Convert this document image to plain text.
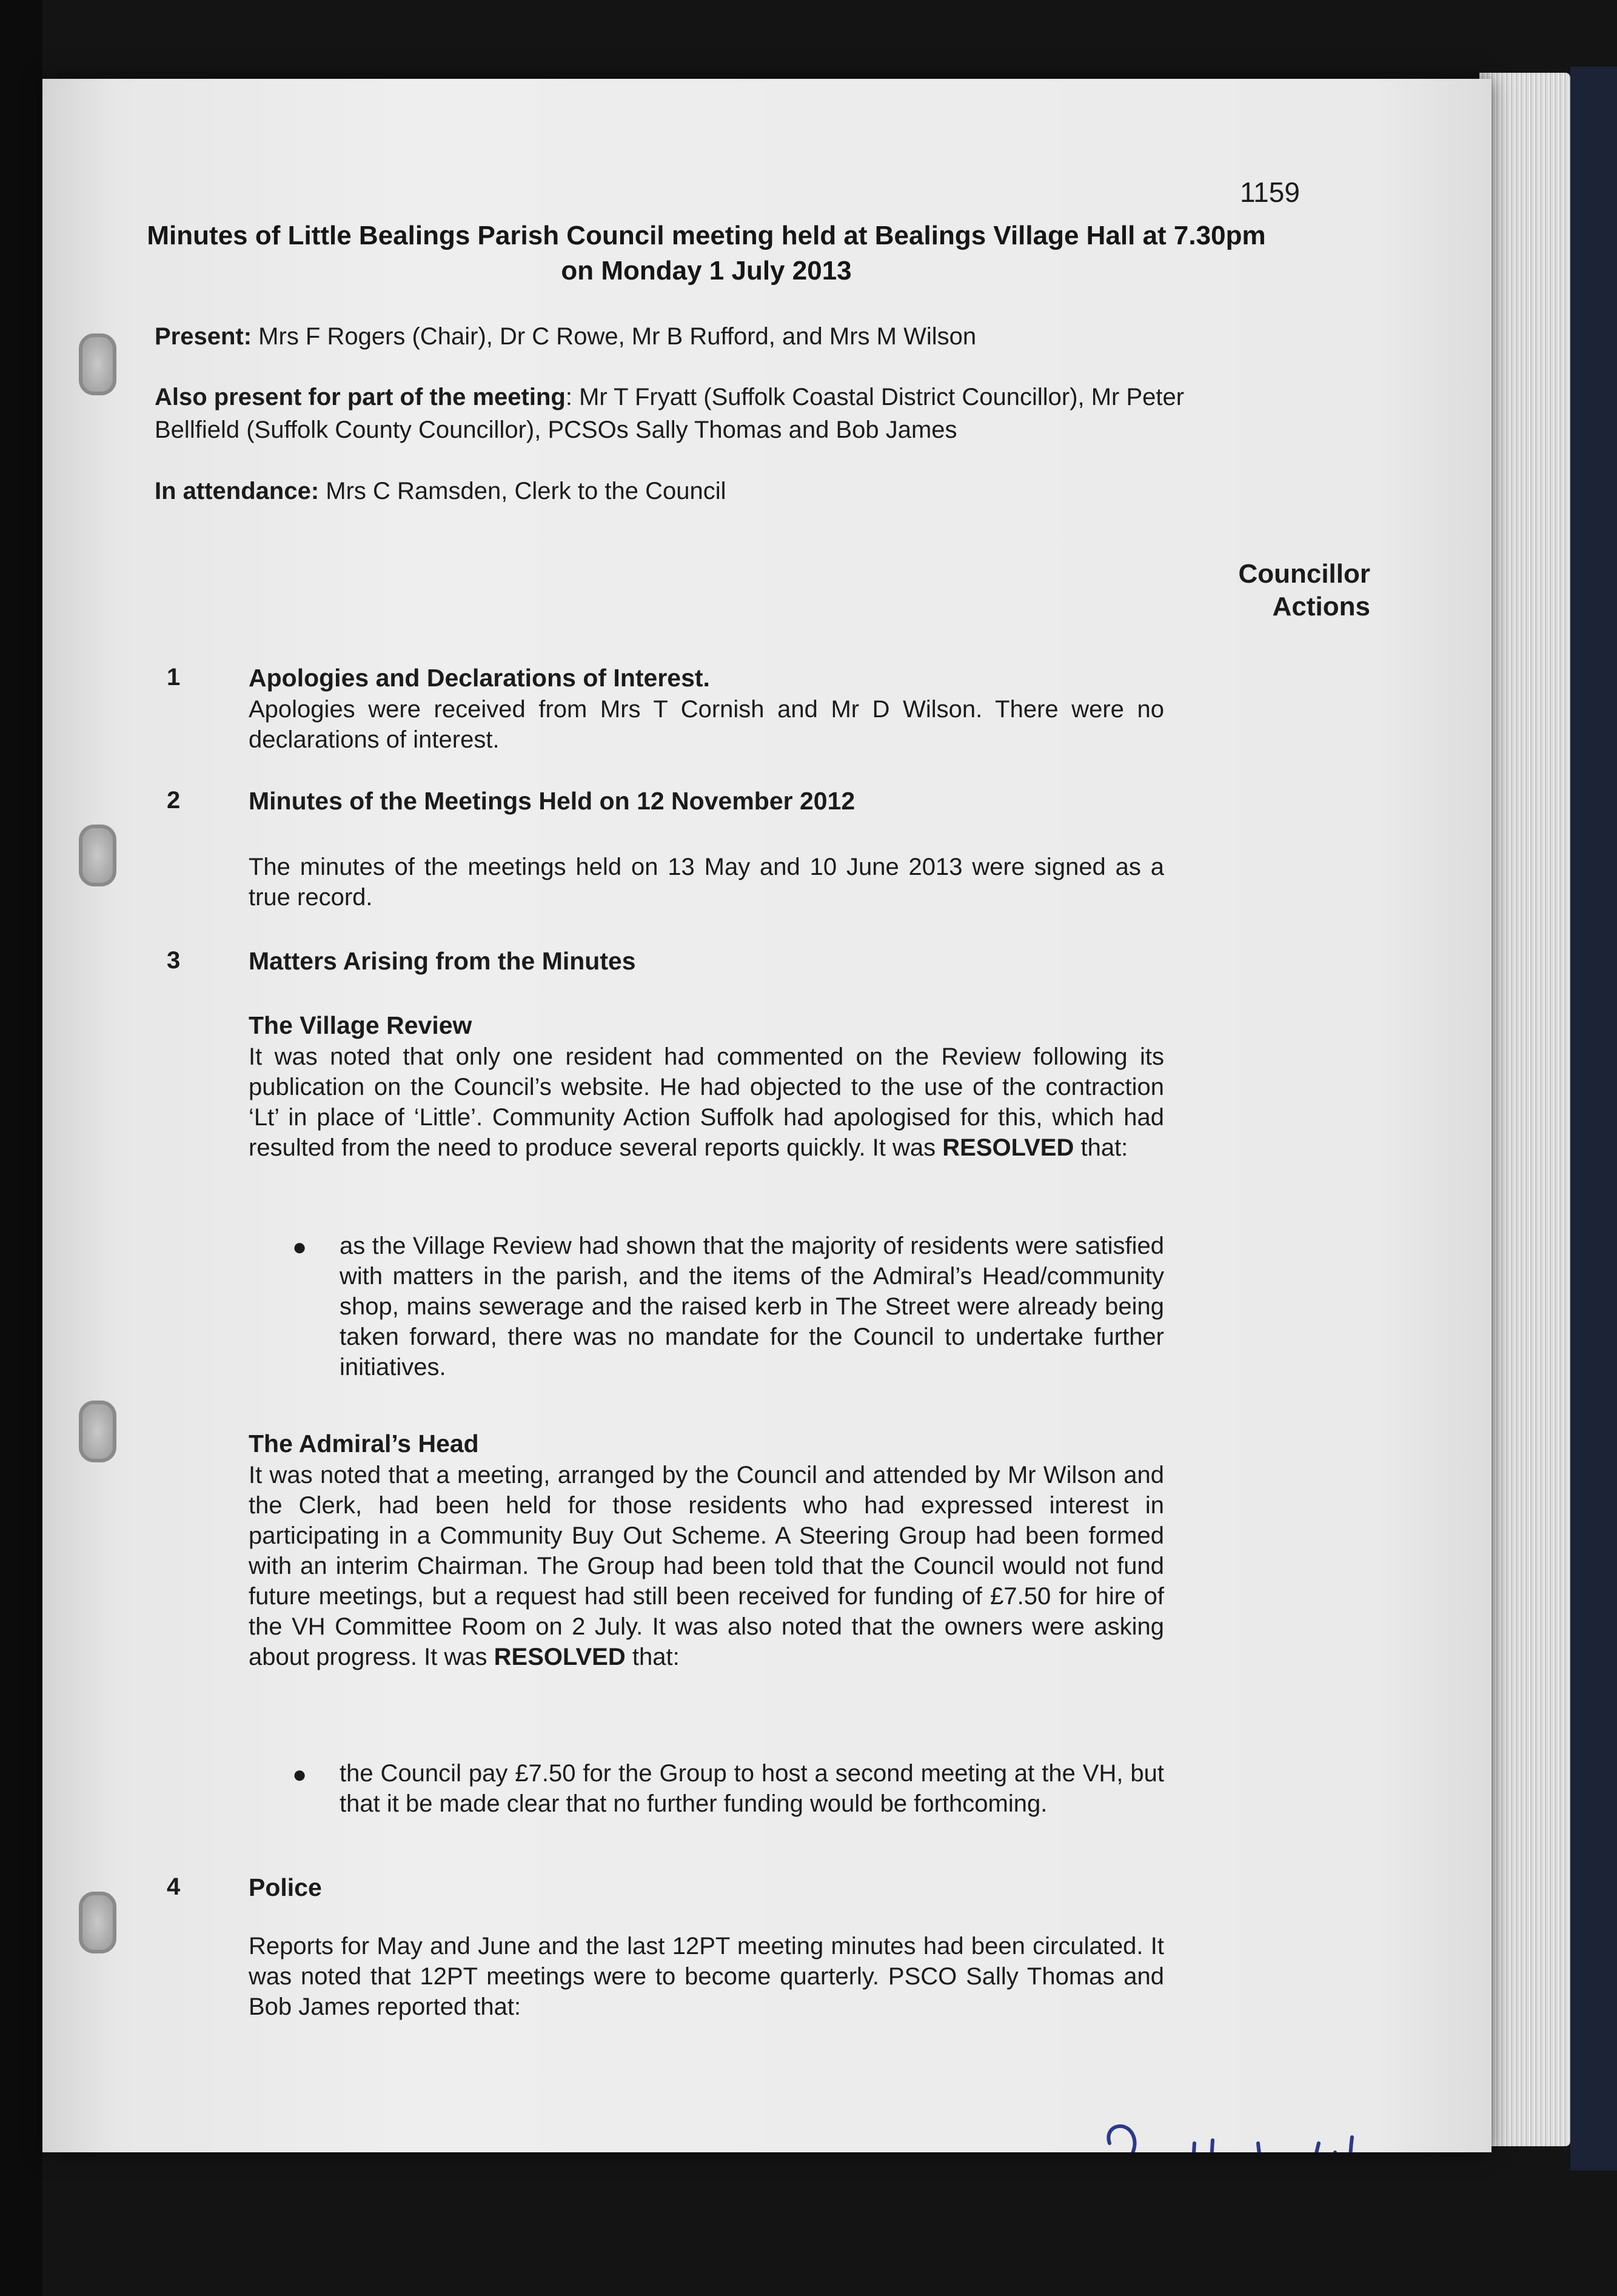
1159
Minutes of Little Bealings Parish Council meeting held at Bealings Village Hall at 7.30pm
on Monday 1 July 2013
Present: Mrs F Rogers (Chair), Dr C Rowe, Mr B Rufford, and Mrs M Wilson
Also present for part of the meeting: Mr T Fryatt (Suffolk Coastal District Councillor), Mr Peter
Bellfield (Suffolk County Councillor), PCSOs Sally Thomas and Bob James
In attendance: Mrs C Ramsden, Clerk to the Council
Councillor
Actions
1	Apologies and Declarations of Interest.
Apologies were received from Mrs T Cornish and Mr D Wilson. There were no declarations of interest.
2	Minutes of the Meetings Held on 12 November 2012
The minutes of the meetings held on 13 May and 10 June 2013 were signed as a true record.
3	Matters Arising from the Minutes
The Village Review
It was noted that only one resident had commented on the Review following its publication on the Council’s website. He had objected to the use of the contraction ‘Lt’ in place of ‘Little’. Community Action Suffolk had apologised for this, which had resulted from the need to produce several reports quickly. It was RESOLVED that:
● as the Village Review had shown that the majority of residents were satisfied with matters in the parish, and the items of the Admiral’s Head/community shop, mains sewerage and the raised kerb in The Street were already being taken forward, there was no mandate for the Council to undertake further initiatives.
The Admiral’s Head
It was noted that a meeting, arranged by the Council and attended by Mr Wilson and the Clerk, had been held for those residents who had expressed interest in participating in a Community Buy Out Scheme. A Steering Group had been formed with an interim Chairman. The Group had been told that the Council would not fund future meetings, but a request had still been received for funding of £7.50 for hire of the VH Committee Room on 2 July. It was also noted that the owners were asking about progress. It was RESOLVED that:
● the Council pay £7.50 for the Group to host a second meeting at the VH, but that it be made clear that no further funding would be forthcoming.
4	Police
Reports for May and June and the last 12PT meeting minutes had been circulated. It was noted that 12PT meetings were to become quarterly. PSCO Sally Thomas and Bob James reported that:
